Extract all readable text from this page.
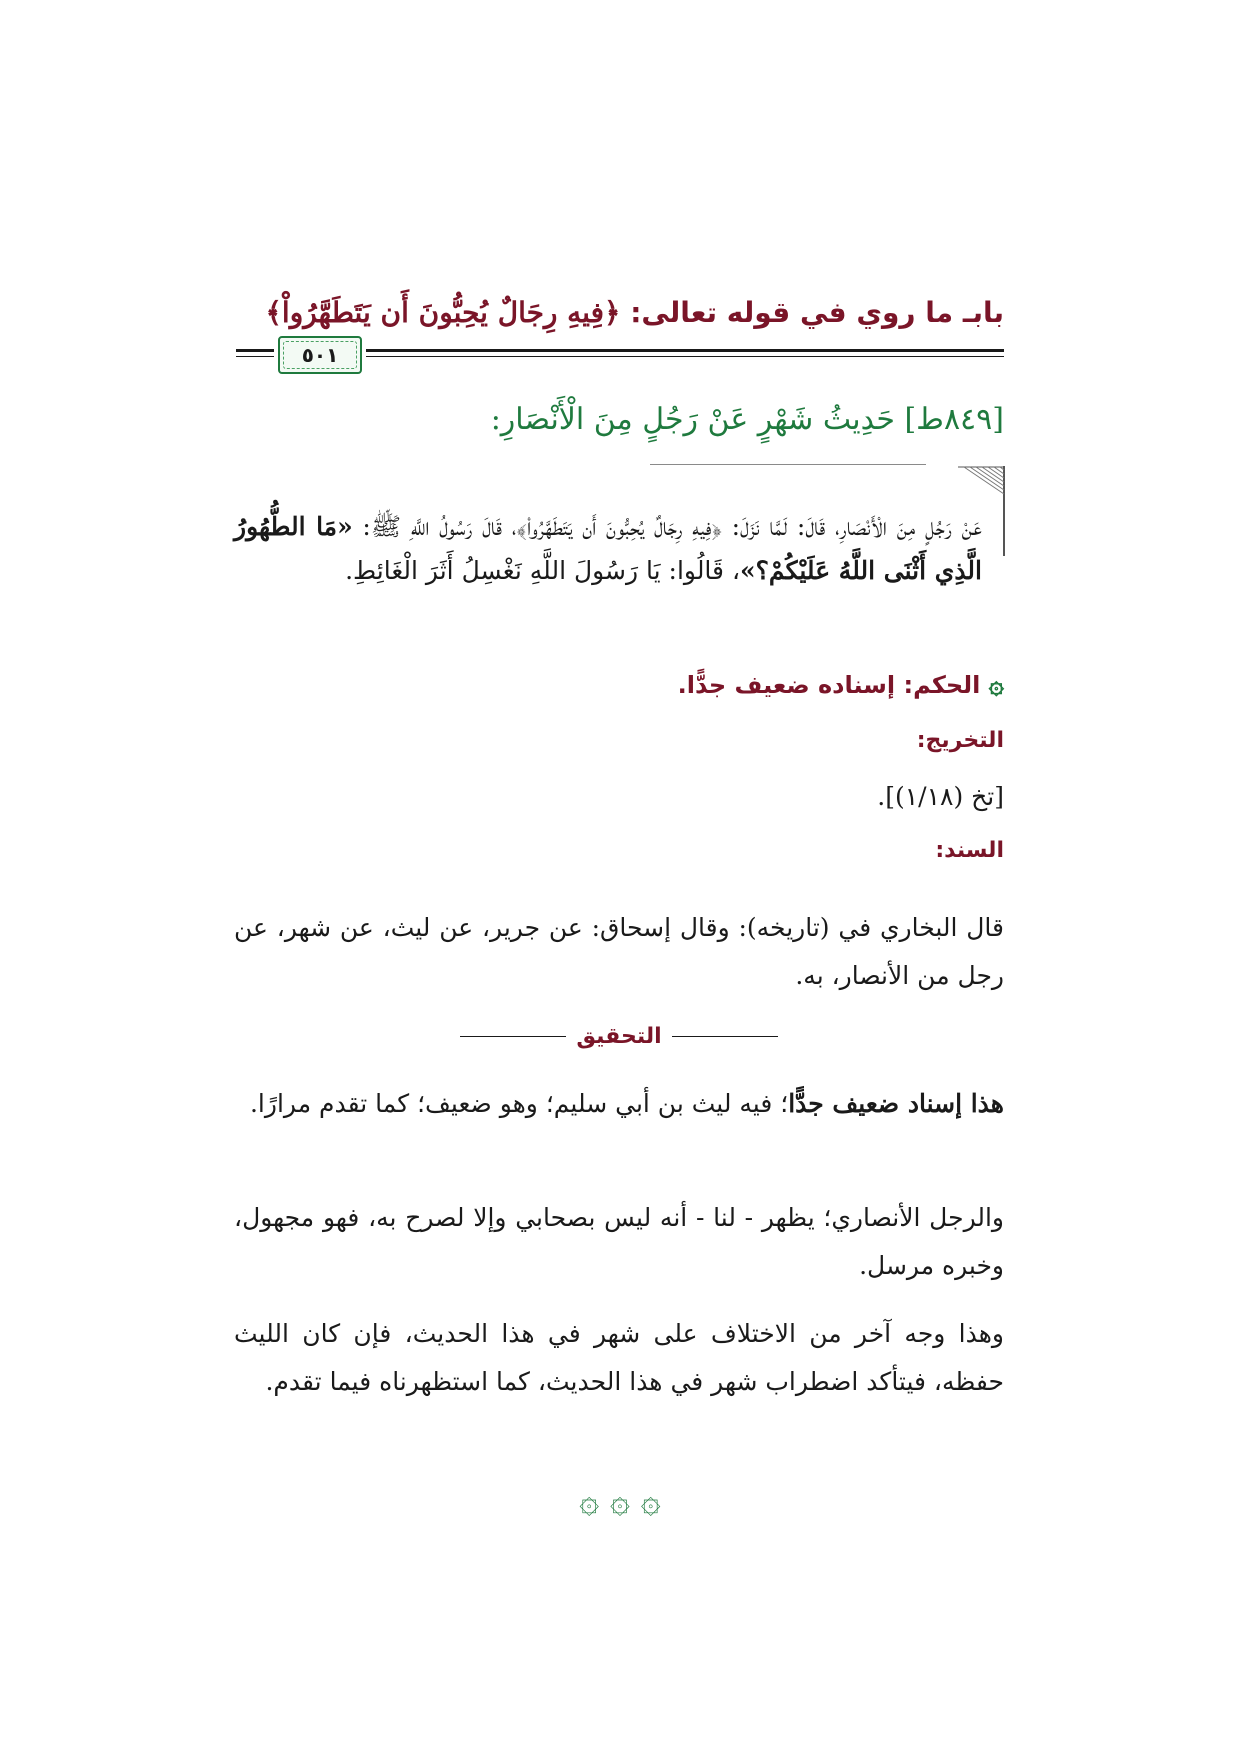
بابـ ما روي في قوله تعالى: ﴿فِيهِ رِجَالٌ يُحِبُّونَ أَن يَتَطَهَّرُواْ﴾
٥٠١
[٨٤٩ط] حَدِيثُ شَهْرٍ عَنْ رَجُلٍ مِنَ الْأَنْصَارِ:
عَنْ رَجُلٍ مِنَ الْأَنْصَارِ، قَالَ: لَمَّا نَزَلَ: ﴿فِيهِ رِجَالٌ يُحِبُّونَ أَن يَتَطَهَّرُواْ﴾، قَالَ رَسُولُ اللَّهِ ﷺ: «مَا الطُّهُورُ الَّذِي أَثْنَى اللَّهُ عَلَيْكُمْ؟»، قَالُوا: يَا رَسُولَ اللَّهِ نَغْسِلُ أَثَرَ الْغَائِطِ.
۞ الحكم: إسناده ضعيف جدًّا.
التخريج:
[تخ (١/١٨)].
السند:
قال البخاري في (تاريخه): وقال إسحاق: عن جرير، عن ليث، عن شهر، عن رجل من الأنصار، به.
التحقيق
هذا إسناد ضعيف جدًّا؛ فيه ليث بن أبي سليم؛ وهو ضعيف؛ كما تقدم مرارًا.
والرجل الأنصاري؛ يظهر - لنا - أنه ليس بصحابي وإلا لصرح به، فهو مجهول، وخبره مرسل.
وهذا وجه آخر من الاختلاف على شهر في هذا الحديث، فإن كان الليث حفظه، فيتأكد اضطراب شهر في هذا الحديث، كما استظهرناه فيما تقدم.
۞ ۞ ۞
